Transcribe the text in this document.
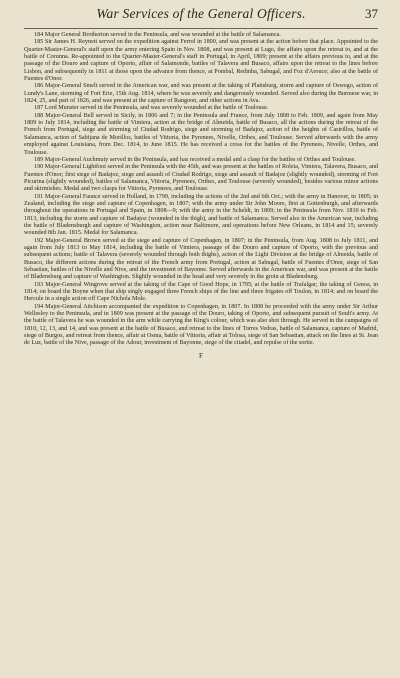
War Services of the General Officers.	37

184 Major General Brotherton served in the Peninsula, and was wounded at the battle of Salamanca.

185 Sir James H. Reynett served on the expedition against Ferrol in 1800, and was present at the action before that place. Appointed to the Quarter-Master-General's staff upon the army entering Spain in Nov. 1808, and was present at Lugo, the affairs upon the retreat to, and at the battle of Corunna. Re-appointed to the Quarter-Master-General's staff in Portugal, in April, 1809; present at the affairs previous to, and at the passage of the Douro and capture of Oporto, affair of Salamonde, battles of Talavera and Busaco, affairs upon the retreat to the lines before Lisbon, and subsequently in 1811 at those upon the advance from thence, at Pombal, Redinha, Sabugal, and Foz d'Arouce; also at the battle of Fuentes d'Onor.

186 Major-General Smelt served in the American war, and was present at the taking of Plattsburg, storm and capture of Oswego, action of Lundy's Lane, storming of Fort Erie, 15th Aug. 1814, where he was severely and dangerously wounded. Served also during the Burmese war, in 1824, 25, and part of 1826, and was present at the capture of Rangoon, and other actions in Ava.

187 Lord Munster served in the Peninsula, and was severely wounded at the battle of Toulouse.

188 Major-General Bell served in Sicily, in 1806 and 7; in the Peninsula and France, from July 1808 to Feb. 1809, and again from May 1809 to July 1814, including the battle of Vimiera, action at the bridge of Almeida, battle of Busaco, all the actions during the retreat of the French from Portugal, siege and storming of Ciudad Rodrigo, siege and storming of Badajoz, action of the heights of Castrillos, battle of Salamanca, action of Sabijana de Morillos, battles of Vittoria, the Pyrenees, Nivelle, Orthes, and Toulouse. Served afterwards with the army employed against Louisiana, from Dec. 1814, to June 1815. He has received a cross for the battles of the Pyrenees, Nivelle, Orthes, and Toulouse.

189 Major-General Auchmuty served in the Peninsula, and has received a medal and a clasp for the battles of Orthes and Toulouse.

190 Major-General Lightfoot served in the Peninsula with the 45th, and was present at the battles of Roleia, Vimiera, Talavera, Busaco, and Fuentes d'Onor; first siege of Badajoz, siege and assault of Ciudad Rodrigo, siege and assault of Badajoz (slightly wounded), storming of Fort Picurina (slightly wounded), battles of Salamanca, Vittoria, Pyrenees, Orthes, and Toulouse (severely wounded), besides various minor actions and skirmishes. Medal and two clasps for Vittoria, Pyrenees, and Toulouse.

191 Major-General Faunce served in Holland, in 1799, including the actions of the 2nd and 6th Oct.; with the army in Hanover, in 1805; in Zealand, including the siege and capture of Copenhagen, in 1807; with the army under Sir John Moore, first at Gottenburgh, and afterwards throughout the operations in Portugal and Spain, in 1808—9; with the army in the Scheldt, in 1809; in the Peninsula from Nov. 1810 to Feb. 1813, including the storm and capture of Badajoz (wounded in the thigh), and battle of Salamanca. Served also in the American war, including the battle of Bladensburgh and capture of Washington, action near Baltimore, and operations before New Orleans, in 1814 and 15; severely wounded 8th Jan. 1815. Medal for Salamanca.

192 Major-General Brown served at the siege and capture of Copenhagen, in 1807; in the Peninsula, from Aug. 1808 to July 1811, and again from July 1813 to May 1814, including the battle of Vimiera, passage of the Douro and capture of Oporto, with the previous and subsequent actions; battle of Talavera (severely wounded through both thighs), action of the Light Division at the bridge of Almeida, battle of Busaco, the different actions during the retreat of the French army from Portugal, action at Sabugal, battle of Fuentes d'Onor, siege of San Sebastian, battles of the Nivelle and Nive, and the investment of Bayonne. Served afterwards in the American war, and was present at the battle of Bladensburg and capture of Washington. Slightly wounded in the head and very severely in the groin at Bladensburg.

193 Major-General Wingrove served at the taking of the Cape of Good Hope, in 1795; at the battle of Trafalgar; the taking of Genoa, in 1814; on board the Boyne when that ship singly engaged three French ships of the line and three frigates off Toulon, in 1814; and on board the Hercule in a single action off Cape Nichola Mole.

194 Major-General Aitchison accompanied the expedition to Copenhagen, in 1807. In 1808 he proceeded with the army under Sir Arthur Wellesley to the Peninsula, and in 1809 was present at the passage of the Douro, taking of Oporto, and subsequent pursuit of Soult's army. At the battle of Talavera he was wounded in the arm while carrying the King's colour, which was also shot through. He served in the campaigns of 1810, 12, 13, and 14, and was present at the battle of Busaco, and retreat to the lines of Torres Vedras, battle of Salamanca, capture of Madrid, siege of Burgos, and retreat from thence, affair at Osma, battle of Vittoria, affair at Tolosa, siege of San Sebastian, attack on the lines at St. Jean de Luz, battle of the Nive, passage of the Adour, investment of Bayonne, siege of the citadel, and repulse of the sortie.

F
